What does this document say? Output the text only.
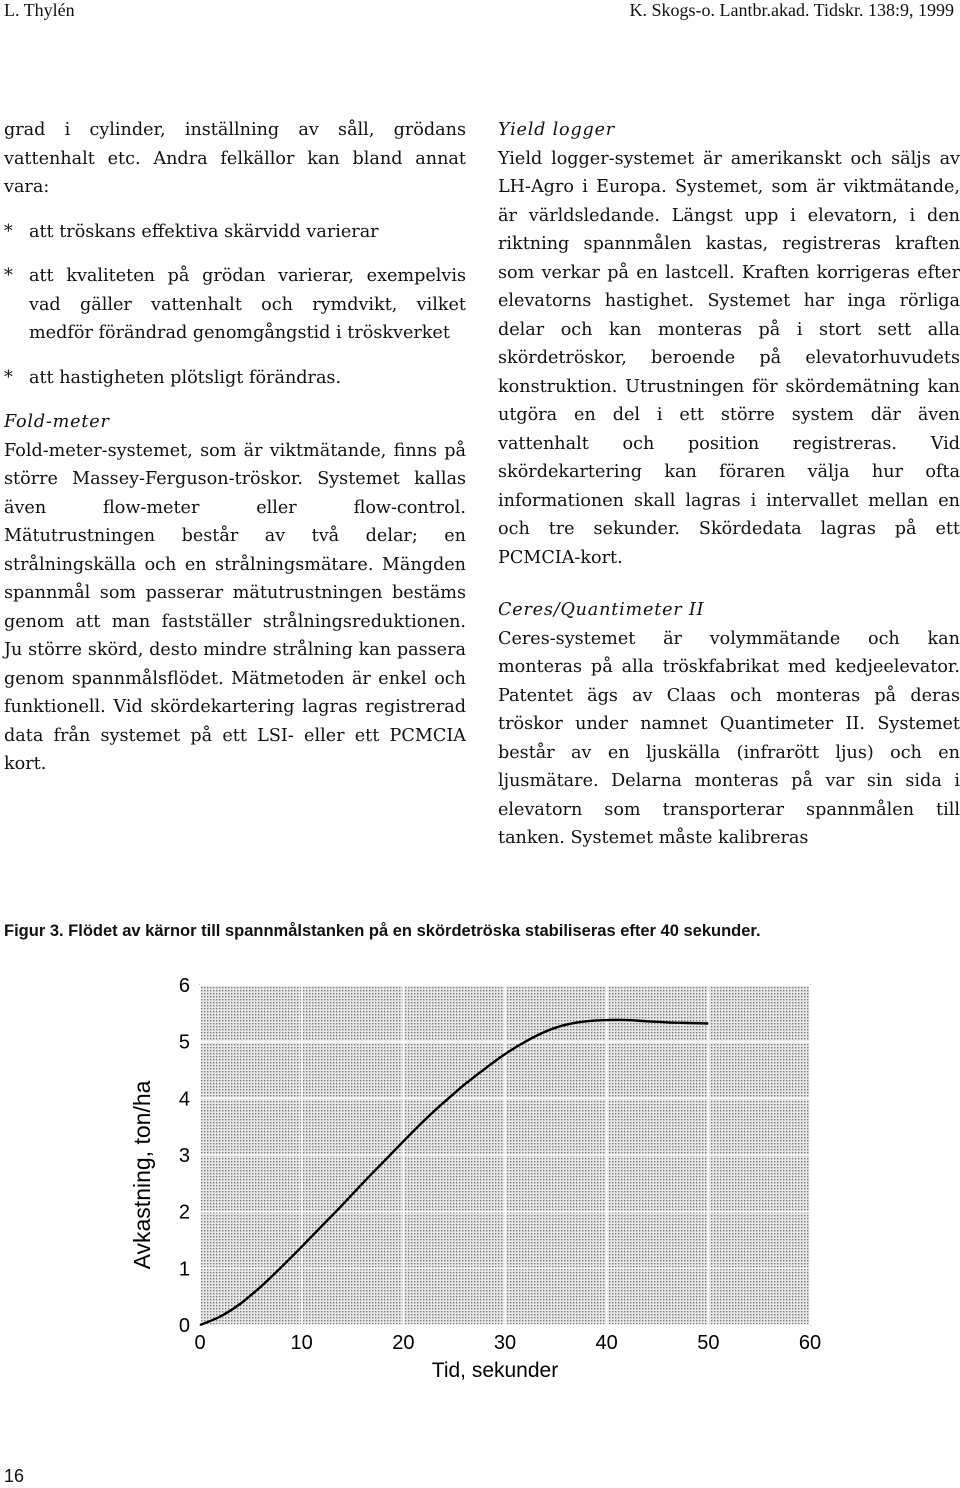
L. Thylén	K. Skogs-o. Lantbr.akad. Tidskr. 138:9, 1999

grad i cylinder, inställning av såll, grödans vattenhalt etc. Andra felkällor kan bland annat vara:

* att tröskans effektiva skärvidd varierar
* att kvaliteten på grödan varierar, exempelvis vad gäller vattenhalt och rymdvikt, vilket medför förändrad genomgångstid i tröskverket
* att hastigheten plötsligt förändras.

Fold-meter

Fold-meter-systemet, som är viktmätande, finns på större Massey-Ferguson-tröskor. Systemet kallas även flow-meter eller flow-control. Mätutrustningen består av två delar; en strålningskälla och en strålningsmätare. Mängden spannmål som passerar mätutrustningen bestäms genom att man fastställer strålningsreduktionen. Ju större skörd, desto mindre strålning kan passera genom spannmålsflödet. Mätmetoden är enkel och funktionell. Vid skördekartering lagras registrerad data från systemet på ett LSI- eller ett PCMCIA kort.

Yield logger

Yield logger-systemet är amerikanskt och säljs av LH-Agro i Europa. Systemet, som är viktmätande, är världsledande. Längst upp i elevatorn, i den riktning spannmålen kastas, registreras kraften som verkar på en lastcell. Kraften korrigeras efter elevatorns hastighet. Systemet har inga rörliga delar och kan monteras på i stort sett alla skördetröskor, beroende på elevatorhuvudets konstruktion. Utrustningen för skördemätning kan utgöra en del i ett större system där även vattenhalt och position registreras. Vid skördekartering kan föraren välja hur ofta informationen skall lagras i intervallet mellan en och tre sekunder. Skördedata lagras på ett PCMCIA-kort.

Ceres/Quantimeter II

Ceres-systemet är volymmätande och kan monteras på alla tröskfabrikat med kedjeelevator. Patentet ägs av Claas och monteras på deras tröskor under namnet Quantimeter II. Systemet består av en ljuskälla (infrarött ljus) och en ljusmätare. Delarna monteras på var sin sida i elevatorn som transporterar spannmålen till tanken. Systemet måste kalibreras

Figur 3. Flödet av kärnor till spannmålstanken på en skördetröska stabiliseras efter 40 sekunder.
0	10	20	30	40	50	60
0
1
2
3
4
5
6
Tid, sekunder
Avkastning, ton/ha
16
